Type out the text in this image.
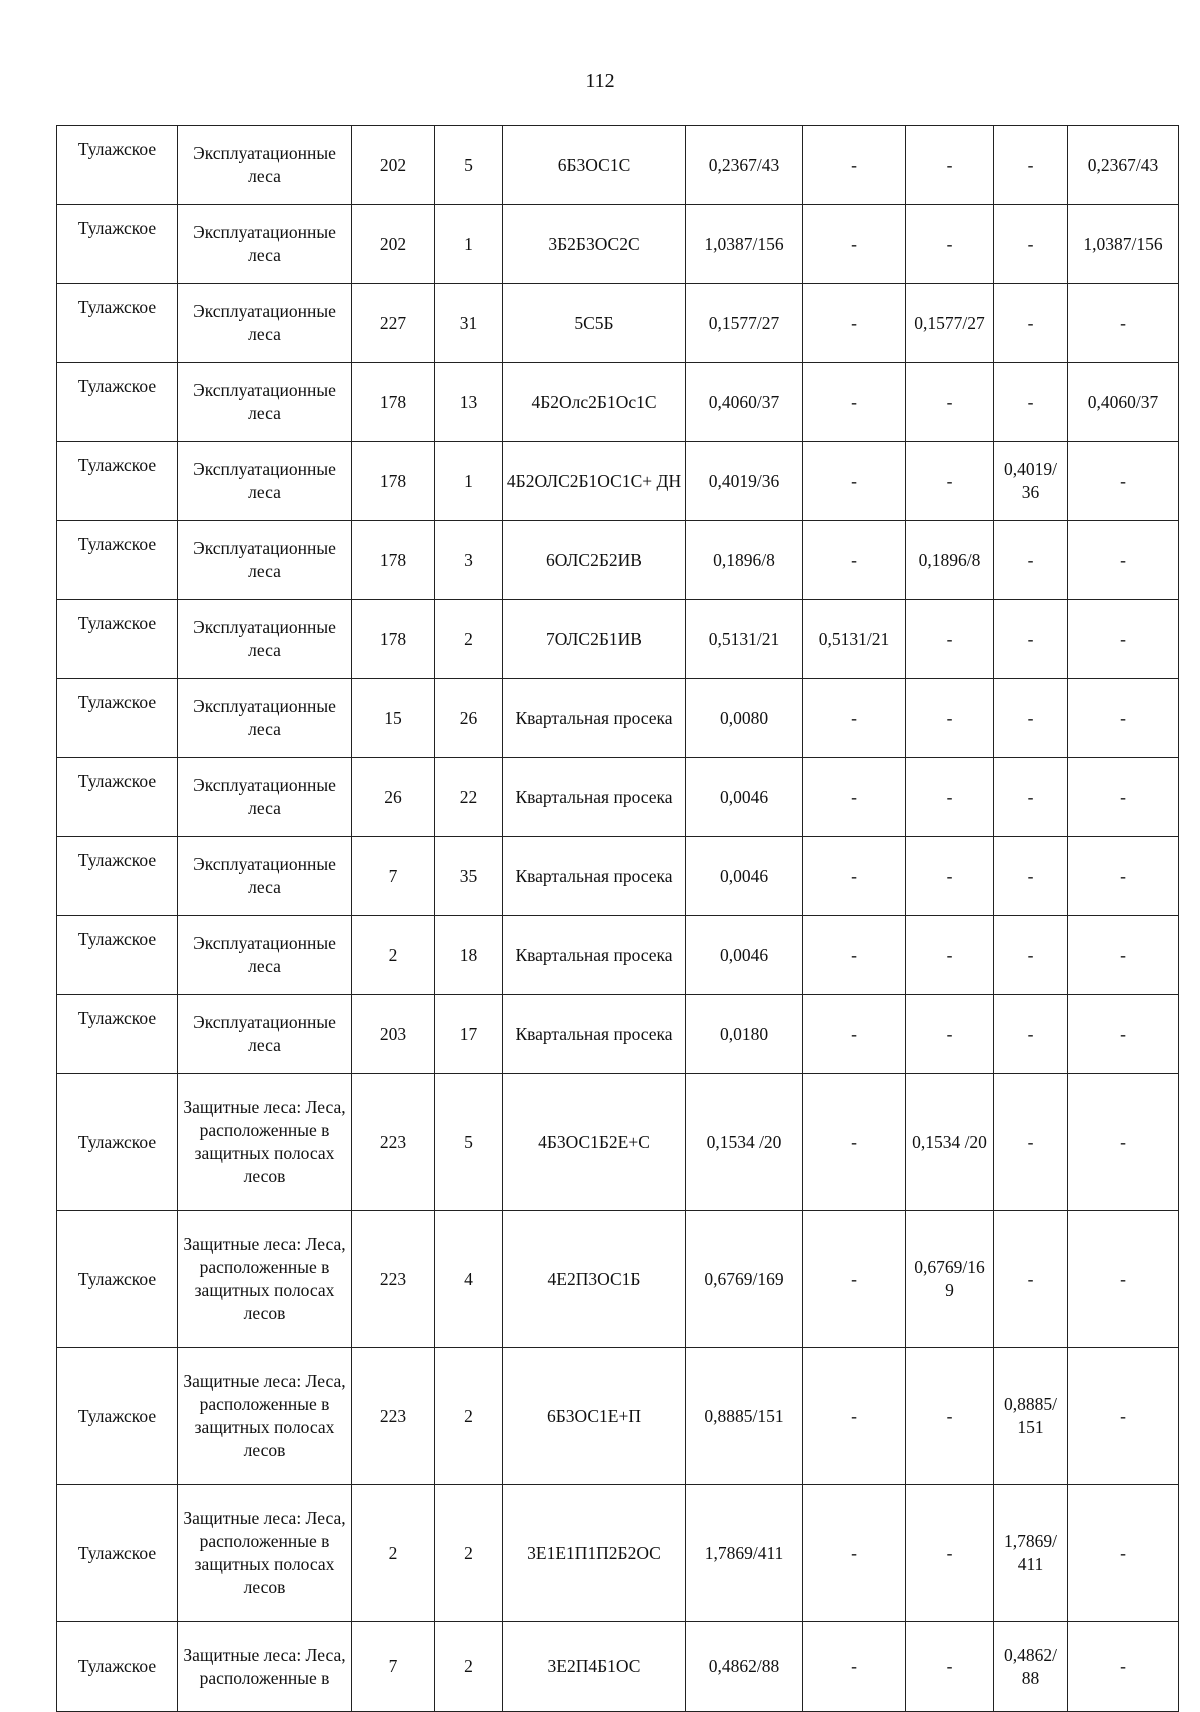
112
Тулажское	Эксплуатационные леса	202	5	6Б3ОС1С	0,2367/43	-	-	-	0,2367/43
Тулажское	Эксплуатационные леса	202	1	3Б2Б3ОС2С	1,0387/156	-	-	-	1,0387/156
Тулажское	Эксплуатационные леса	227	31	5С5Б	0,1577/27	-	0,1577/27	-	-
Тулажское	Эксплуатационные леса	178	13	4Б2Олс2Б1Ос1С	0,4060/37	-	-	-	0,4060/37
Тулажское	Эксплуатационные леса	178	1	4Б2ОЛС2Б1ОС1С+ ДН	0,4019/36	-	-	0,4019/ 36	-
Тулажское	Эксплуатационные леса	178	3	6ОЛС2Б2ИВ	0,1896/8	-	0,1896/8	-	-
Тулажское	Эксплуатационные леса	178	2	7ОЛС2Б1ИВ	0,5131/21	0,5131/21	-	-	-
Тулажское	Эксплуатационные леса	15	26	Квартальная просека	0,0080	-	-	-	-
Тулажское	Эксплуатационные леса	26	22	Квартальная просека	0,0046	-	-	-	-
Тулажское	Эксплуатационные леса	7	35	Квартальная просека	0,0046	-	-	-	-
Тулажское	Эксплуатационные леса	2	18	Квартальная просека	0,0046	-	-	-	-
Тулажское	Эксплуатационные леса	203	17	Квартальная просека	0,0180	-	-	-	-
Тулажское	Защитные леса: Леса, расположенные в защитных полосах лесов	223	5	4Б3ОС1Б2Е+С	0,1534 /20	-	0,1534 /20	-	-
Тулажское	Защитные леса: Леса, расположенные в защитных полосах лесов	223	4	4Е2П3ОС1Б	0,6769/169	-	0,6769/16 9	-	-
Тулажское	Защитные леса: Леса, расположенные в защитных полосах лесов	223	2	6Б3ОС1Е+П	0,8885/151	-	-	0,8885/ 151	-
Тулажское	Защитные леса: Леса, расположенные в защитных полосах лесов	2	2	3Е1Е1П1П2Б2ОС	1,7869/411	-	-	1,7869/ 411	-
Тулажское	Защитные леса: Леса, расположенные в	7	2	3Е2П4Б1ОС	0,4862/88	-	-	0,4862/ 88	-
